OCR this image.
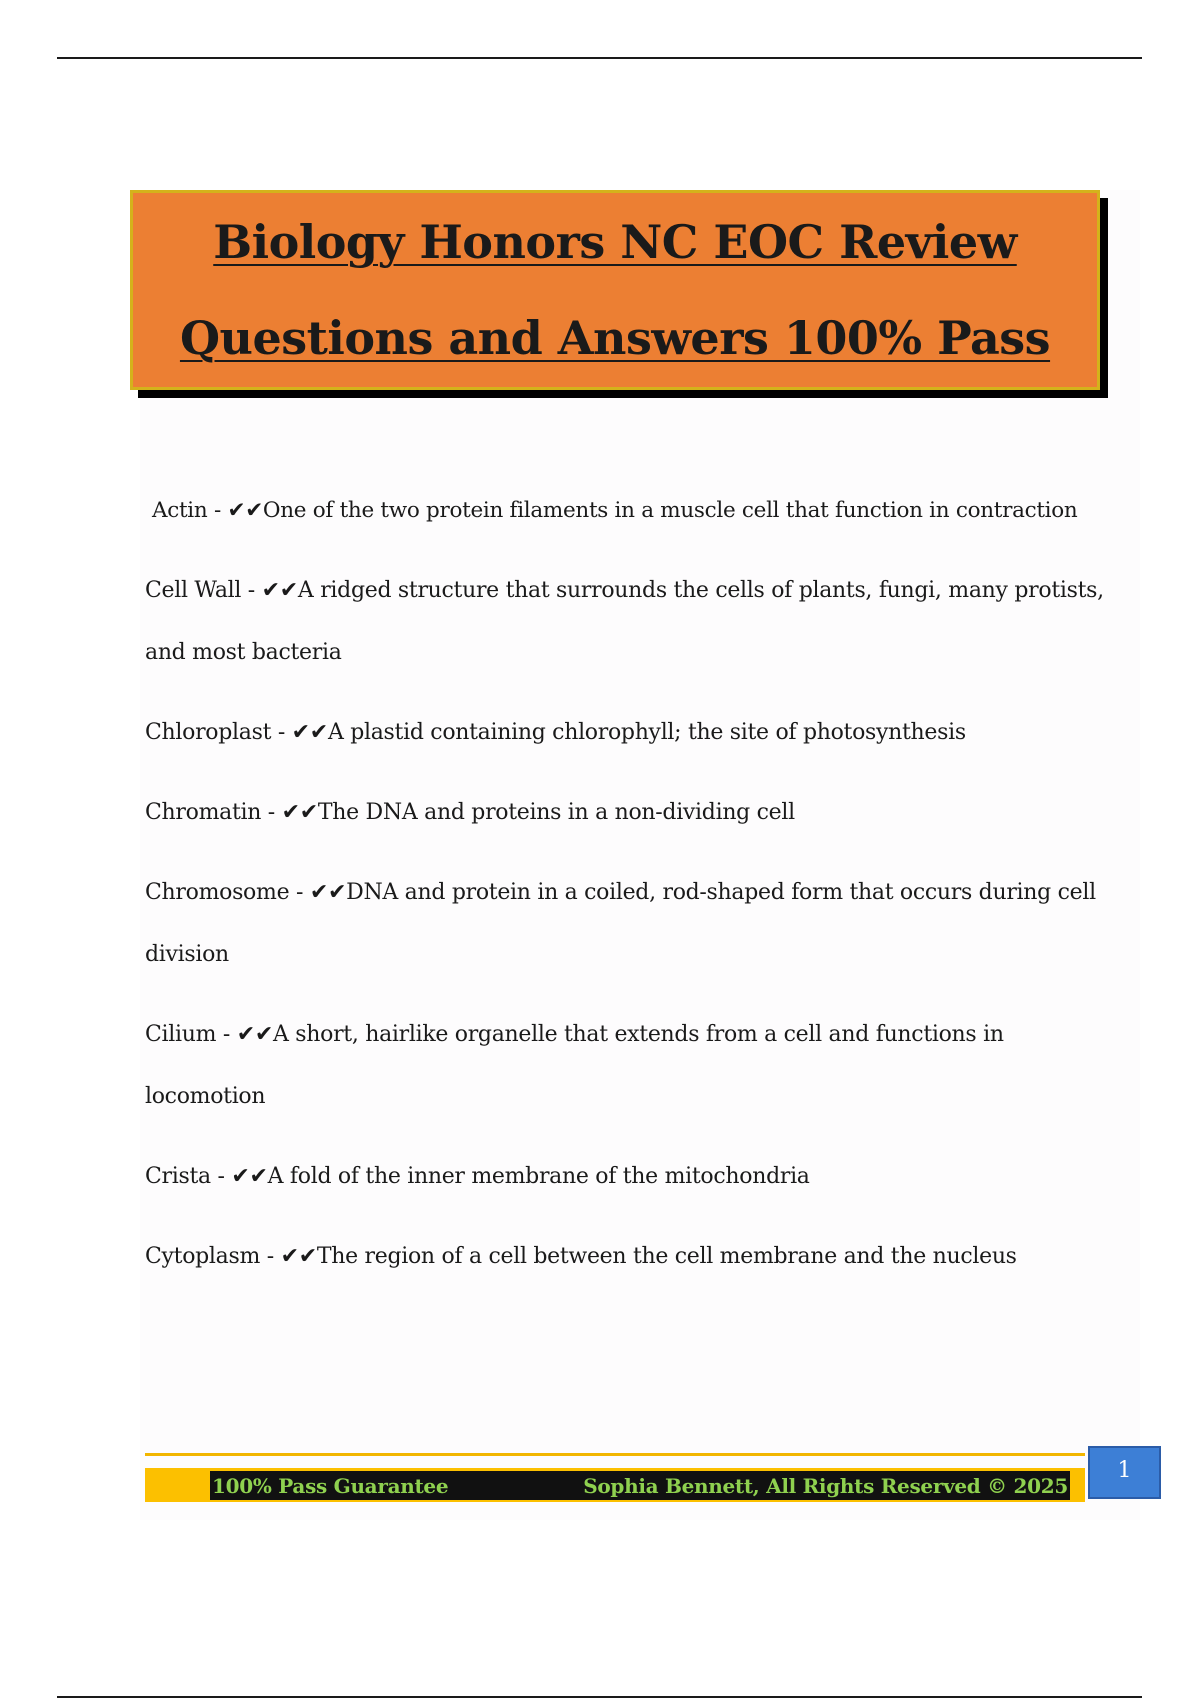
Biology Honors NC EOC Review
Questions and Answers 100% Pass
Actin - ✔✔One of the two protein filaments in a muscle cell that function in contraction
Cell Wall - ✔✔A ridged structure that surrounds the cells of plants, fungi, many protists, and most bacteria
Chloroplast - ✔✔A plastid containing chlorophyll; the site of photosynthesis
Chromatin - ✔✔The DNA and proteins in a non-dividing cell
Chromosome - ✔✔DNA and protein in a coiled, rod-shaped form that occurs during cell division
Cilium - ✔✔A short, hairlike organelle that extends from a cell and functions in locomotion
Crista - ✔✔A fold of the inner membrane of the mitochondria
Cytoplasm - ✔✔The region of a cell between the cell membrane and the nucleus
100% Pass Guarantee	Sophia Bennett, All Rights Reserved © 2025
1
